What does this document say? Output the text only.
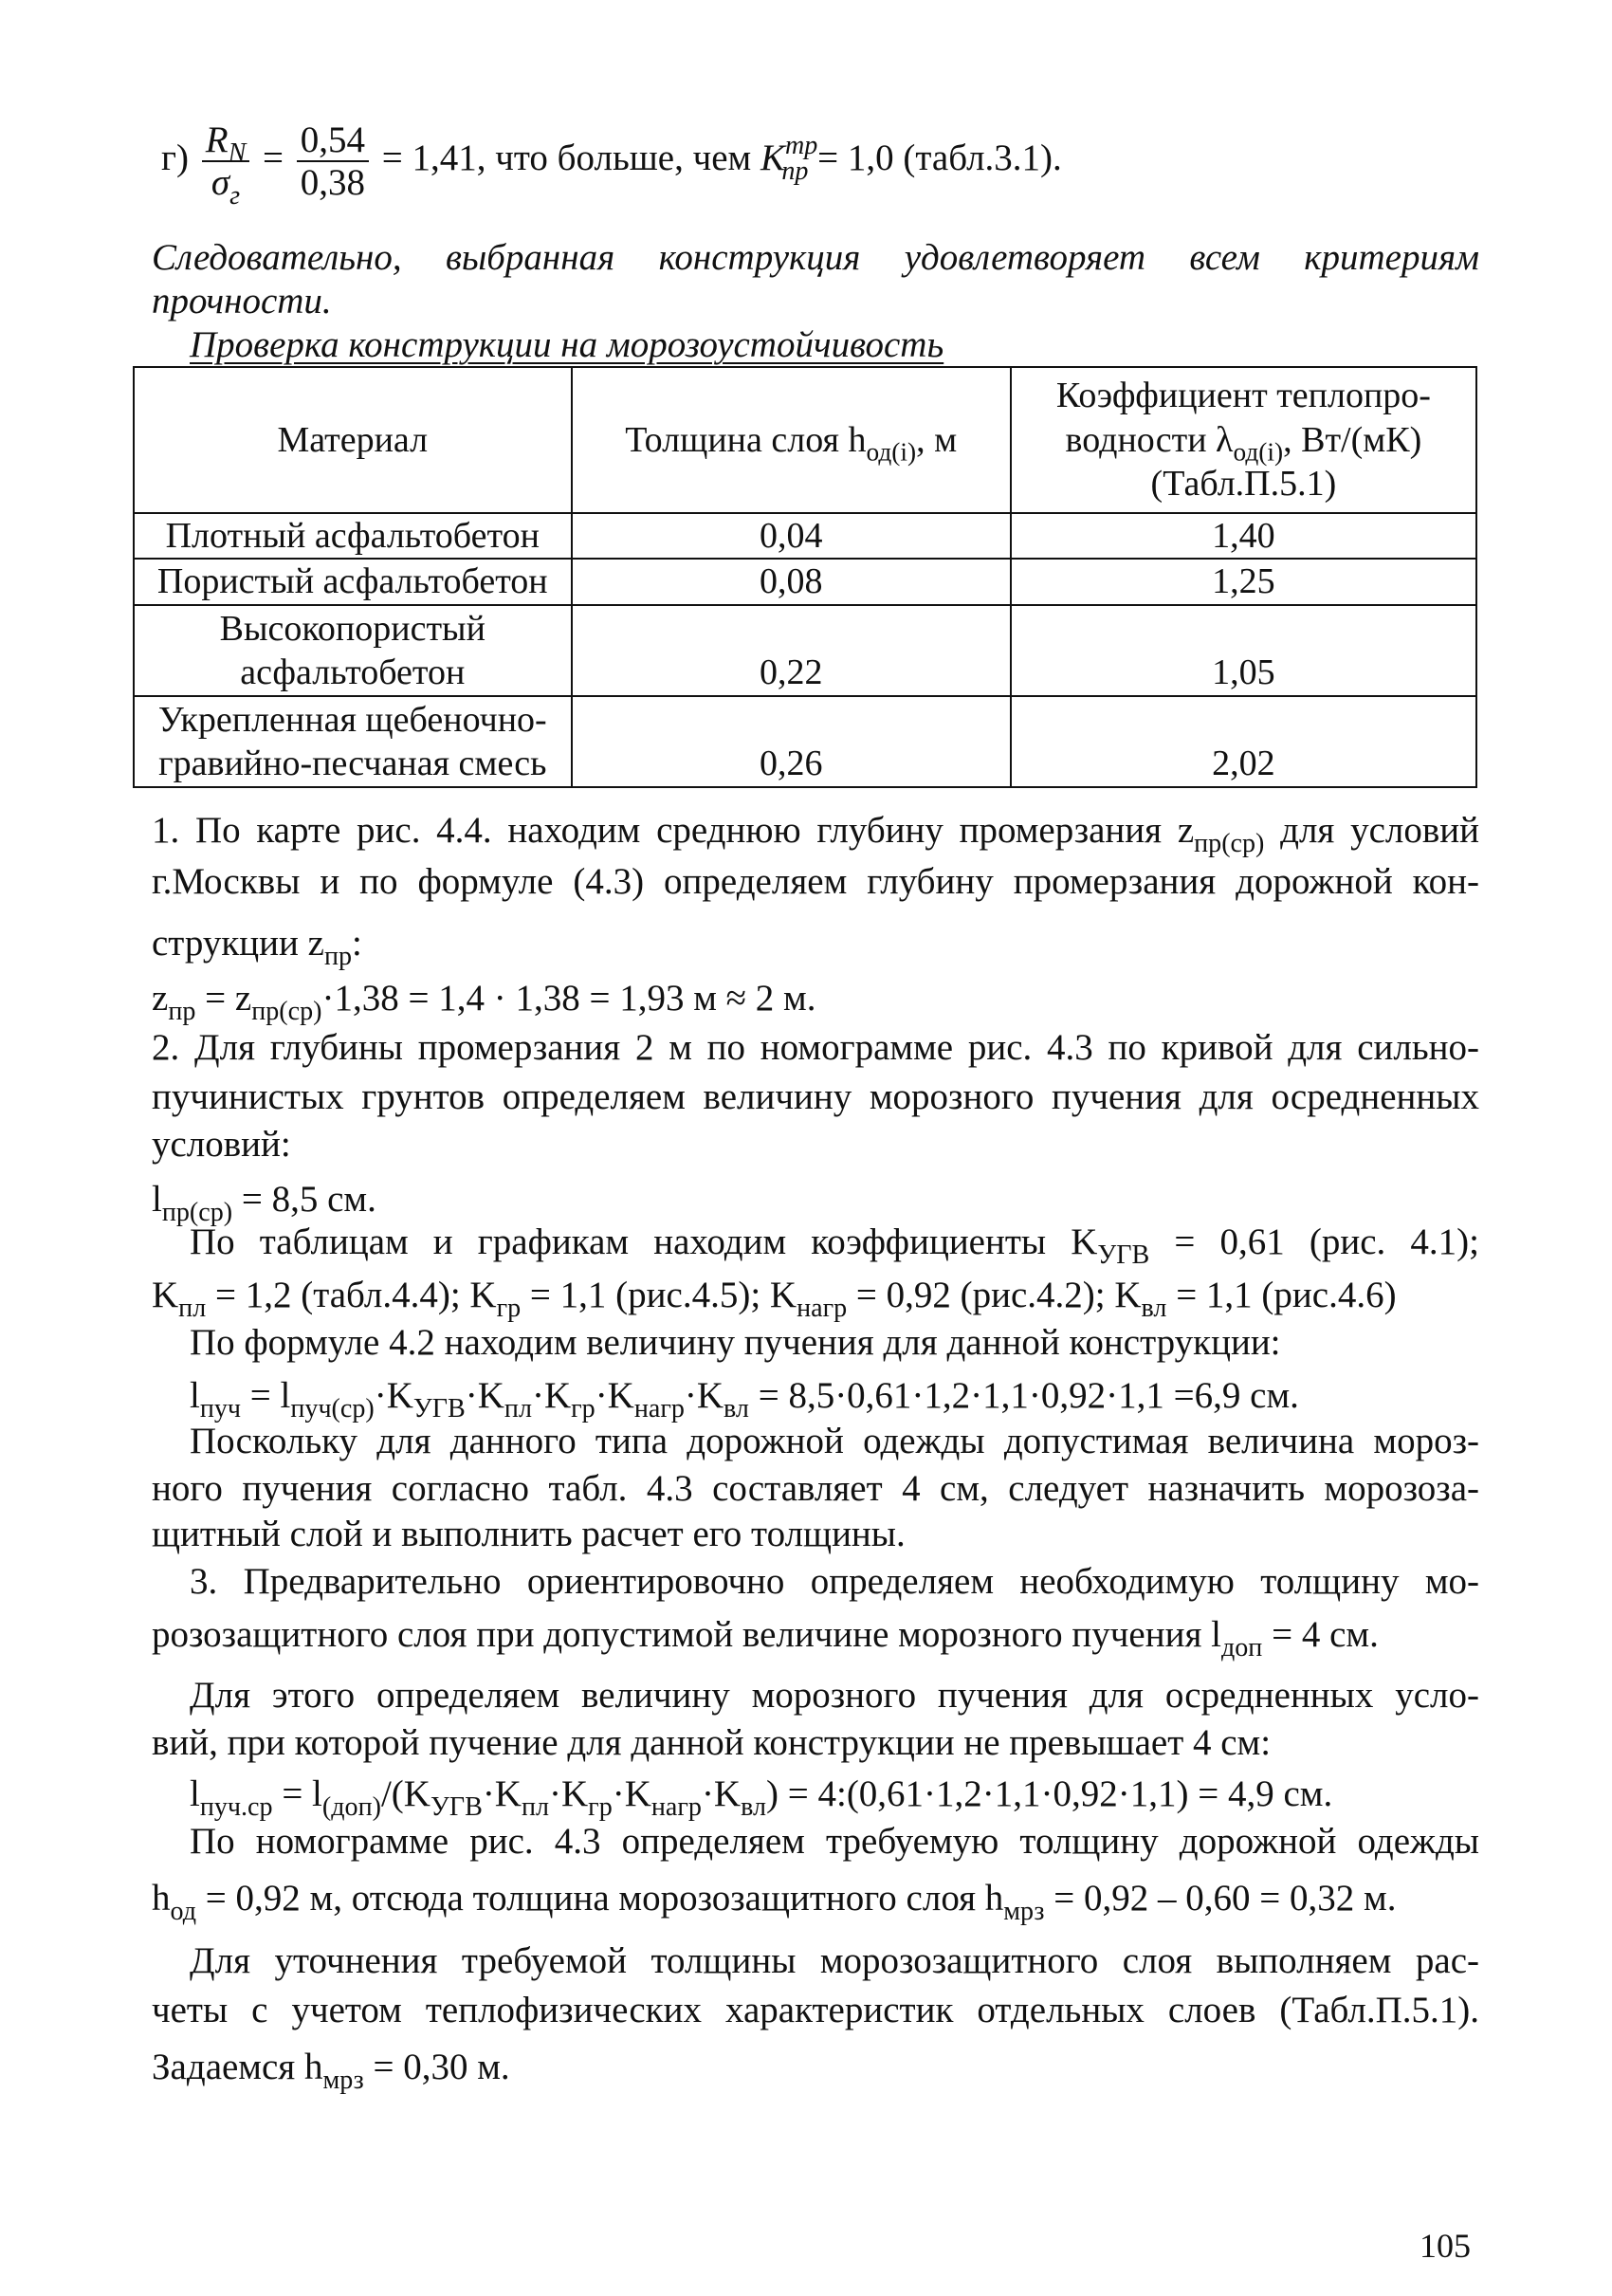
$г) \frac{R_N}{\sigma_г} = \frac{0,54}{0,38} = 1,41$, что больше, чем $K^{тр}_{пр} = 1,0$ (табл.3.1).
Следовательно, выбранная конструкция удовлетворяет всем критериям
прочности.
Проверка конструкции на морозоустойчивость
Материал	Толщина слоя $h_{од(i)}$, м	Коэффициент теплопро-
водности $\lambda_{од(i)}$, Вт/(мК)
(Табл.П.5.1)
Плотный асфальтобетон	0,04	1,40
Пористый асфальтобетон	0,08	1,25
Высокопористый
асфальтобетон	0,22	1,05
Укрепленная щебеночно-
гравийно-песчаная смесь	0,26	2,02
1. По карте рис. 4.4. находим среднюю глубину промерзания $z_{пр(ср)}$ для условий
г.Москвы и по формуле (4.3) определяем глубину промерзания дорожной кон-
струкции $z_{пр}$:
$z_{пр} = z_{пр(ср)}\cdot 1,38 = 1,4 \cdot 1,38 = 1,93$ м ≈ 2 м.
2. Для глубины промерзания 2 м по номограмме рис. 4.3 по кривой для сильно-
пучинистых грунтов определяем величину морозного пучения для осредненных
условий:
$l_{пр(ср)} = 8,5$ см.
По таблицам и графикам находим коэффициенты $K_{УГВ} = 0,61$ (рис. 4.1);
$K_{пл} = 1,2$ (табл.4.4); $K_{гр} = 1,1$ (рис.4.5); $K_{нагр} = 0,92$ (рис.4.2); $K_{вл} = 1,1$ (рис.4.6)
По формуле 4.2 находим величину пучения для данной конструкции:
$l_{пуч} = l_{пуч(ср)}\cdot K_{УГВ}\cdot K_{пл}\cdot K_{гр}\cdot K_{нагр}\cdot K_{вл} = 8,5\cdot 0,61\cdot 1,2\cdot 1,1\cdot 0,92\cdot 1,1 =6,9$ см.
Поскольку для данного типа дорожной одежды допустимая величина мороз-
ного пучения согласно табл. 4.3 составляет 4 см, следует назначить морозоза-
щитный слой и выполнить расчет его толщины.
3. Предварительно ориентировочно определяем необходимую толщину мо-
розозащитного слоя при допустимой величине морозного пучения $l_{доп} = 4$ см.
Для этого определяем величину морозного пучения для осредненных усло-
вий, при которой пучение для данной конструкции не превышает 4 см:
$l_{пуч.ср} = l_{(доп)}/(K_{УГВ}\cdot K_{пл}\cdot K_{гр}\cdot K_{нагр}\cdot K_{вл})$ = 4:(0,61·1,2·1,1·0,92·1,1) = 4,9 см.
По номограмме рис. 4.3 определяем требуемую толщину дорожной одежды
$h_{од} = 0,92$ м, отсюда толщина морозозащитного слоя $h_{мрз} = 0,92 - 0,60 = 0,32$ м.
Для уточнения требуемой толщины морозозащитного слоя выполняем рас-
четы с учетом теплофизических характеристик отдельных слоев (Табл.П.5.1).
Задаемся $h_{мрз} = 0,30$ м.
105
